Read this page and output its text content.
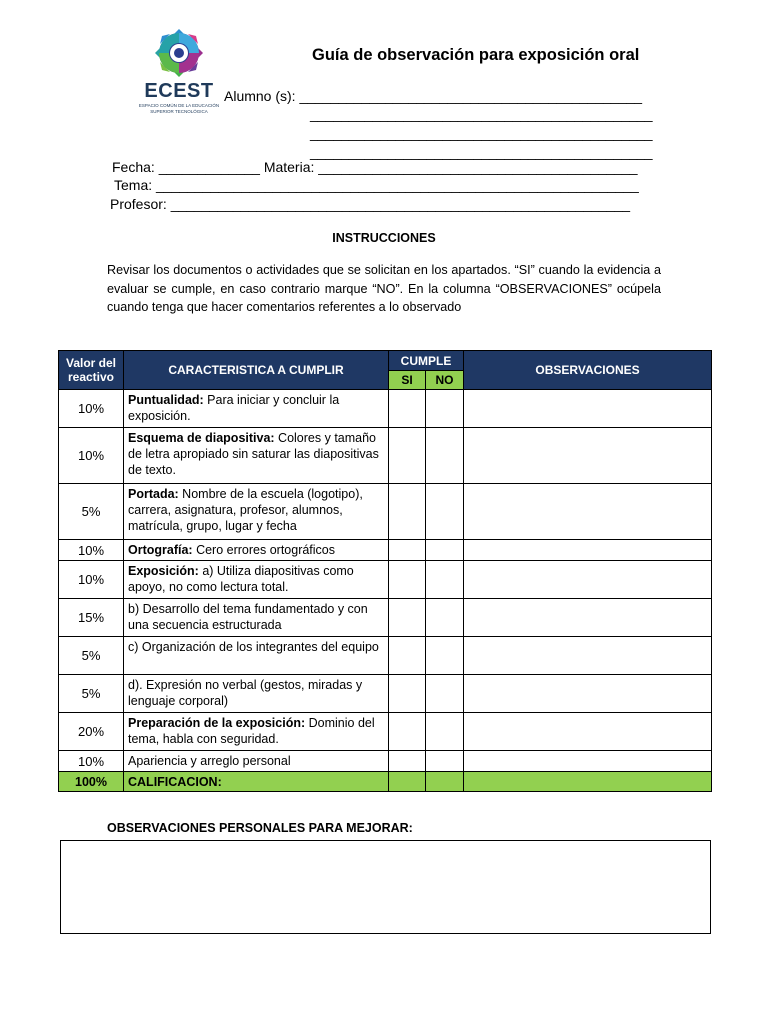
ECEST
ESPACIO COMÚN DE LA EDUCACIÓN
SUPERIOR TECNOLÓGICA
Guía de observación para exposición oral
Alumno (s): ____________________________________________
____________________________________________
____________________________________________
____________________________________________
Fecha: _____________ Materia: _________________________________________
Tema: ______________________________________________________________
Profesor: ___________________________________________________________
INSTRUCCIONES
Revisar los documentos o actividades que se solicitan en los apartados. “SI” cuando la evidencia a evaluar se cumple, en caso contrario marque “NO”. En la columna “OBSERVACIONES” ocúpela cuando tenga que hacer comentarios referentes a lo observado
Valor del reactivo	CARACTERISTICA A CUMPLIR	CUMPLE		OBSERVACIONES
		SI	NO	
10%	Puntualidad: Para iniciar y concluir la exposición.			
10%	Esquema de diapositiva: Colores y tamaño de letra apropiado sin saturar las diapositivas de texto.			
5%	Portada: Nombre de la escuela (logotipo), carrera, asignatura, profesor, alumnos, matrícula, grupo, lugar y fecha			
10%	Ortografía: Cero errores ortográficos			
10%	Exposición: a) Utiliza diapositivas como apoyo, no como lectura total.			
15%	b) Desarrollo del tema fundamentado y con una secuencia estructurada			
5%	c) Organización de los integrantes del equipo			
5%	d). Expresión no verbal (gestos, miradas y lenguaje corporal)			
20%	Preparación de la exposición: Dominio del tema, habla con seguridad.			
10%	Apariencia y arreglo personal			
100%	CALIFICACION:			
OBSERVACIONES PERSONALES PARA MEJORAR:
